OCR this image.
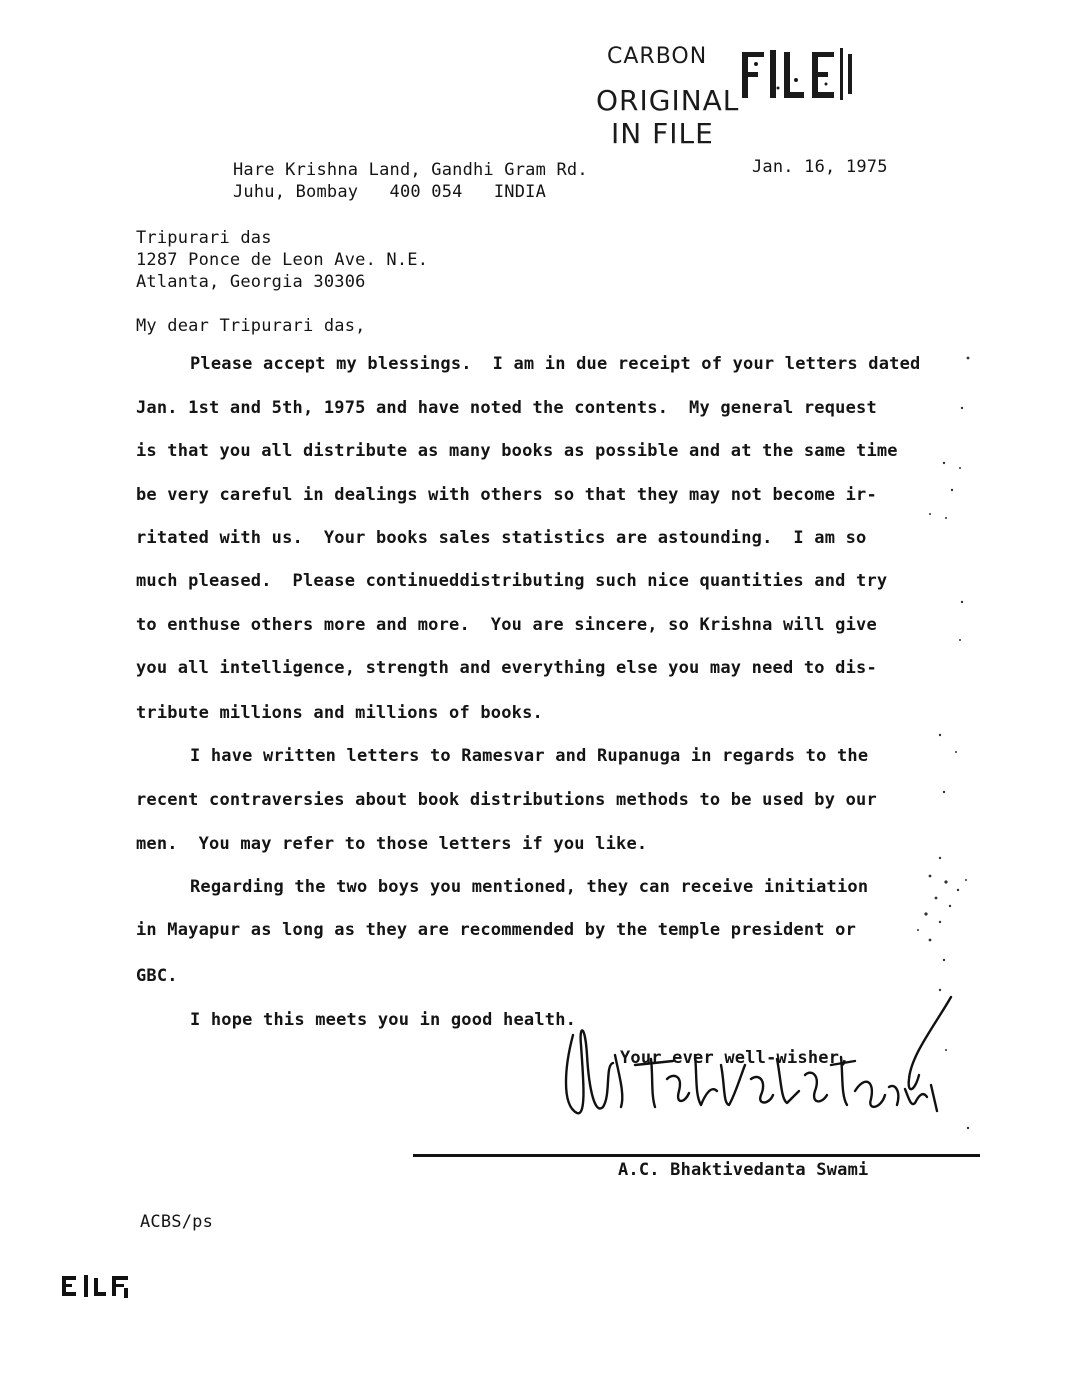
CARBON
ORIGINAL
IN FILE
Hare Krishna Land, Gandhi Gram Rd.
Juhu, Bombay   400 054   INDIA
Jan. 16, 1975
Tripurari das
1287 Ponce de Leon Ave. N.E.
Atlanta, Georgia 30306
My dear Tripurari das,
Please accept my blessings.  I am in due receipt of your letters dated
Jan. 1st and 5th, 1975 and have noted the contents.  My general request
is that you all distribute as many books as possible and at the same time
be very careful in dealings with others so that they may not become ir-
ritated with us.  Your books sales statistics are astounding.  I am so
much pleased.  Please continueddistributing such nice quantities and try
to enthuse others more and more.  You are sincere, so Krishna will give
you all intelligence, strength and everything else you may need to dis-
tribute millions and millions of books.
I have written letters to Ramesvar and Rupanuga in regards to the
recent contraversies about book distributions methods to be used by our
men.  You may refer to those letters if you like.
Regarding the two boys you mentioned, they can receive initiation
in Mayapur as long as they are recommended by the temple president or
GBC.
I hope this meets you in good health.
Your ever well-wisher,
A.C. Bhaktivedanta Swami
ACBS/ps
